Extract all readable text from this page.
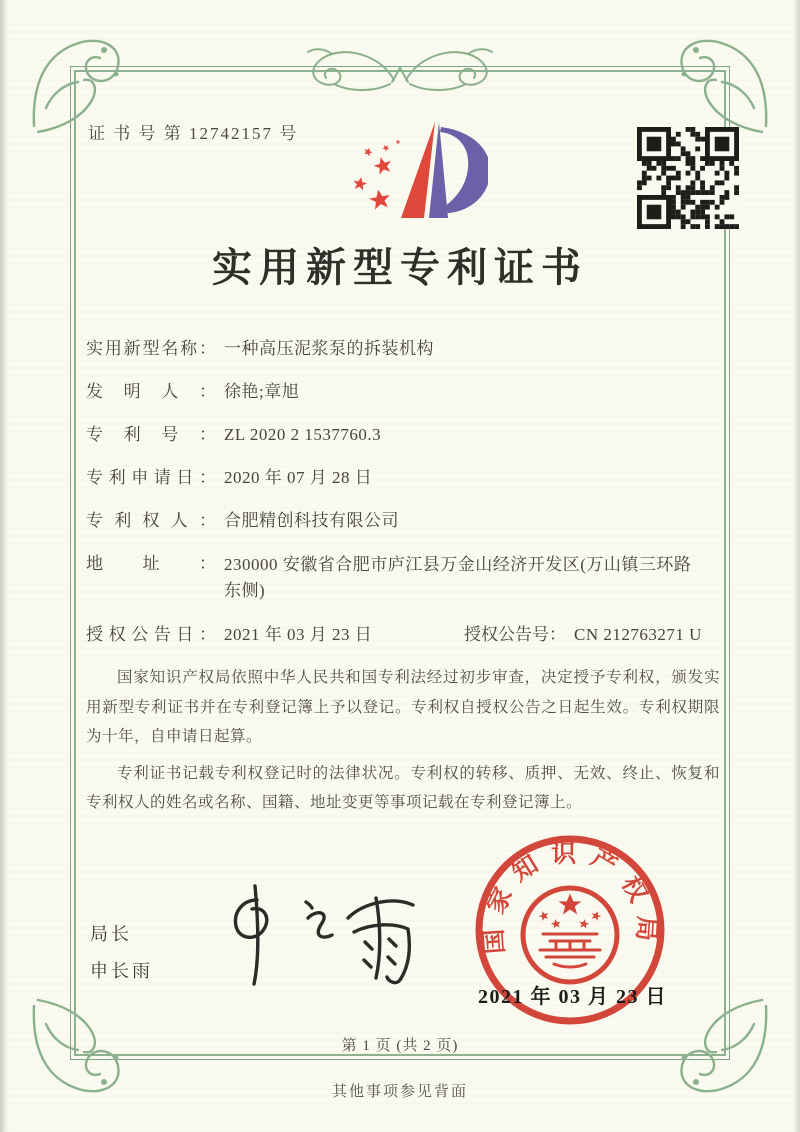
证 书 号 第 12742157 号
实用新型专利证书
实用新型名称： 一种高压泥浆泵的拆装机构
发明人： 徐艳;章旭
专利号： ZL 2020 2 1537760.3
专利申请日： 2020 年 07 月 28 日
专利权人： 合肥精创科技有限公司
地址： 230000 安徽省合肥市庐江县万金山经济开发区(万山镇三环路东侧)
授权公告日： 2021 年 03 月 23 日	授权公告号： CN 212763271 U

国家知识产权局依照中华人民共和国专利法经过初步审查，决定授予专利权，颁发实用新型专利证书并在专利登记簿上予以登记。专利权自授权公告之日起生效。专利权期限为十年，自申请日起算。

专利证书记载专利权登记时的法律状况。专利权的转移、质押、无效、终止、恢复和专利权人的姓名或名称、国籍、地址变更等事项记载在专利登记簿上。

局长
申长雨
国家知识产权局
2021 年 03 月 23 日
第 1 页 (共 2 页)
其他事项参见背面
